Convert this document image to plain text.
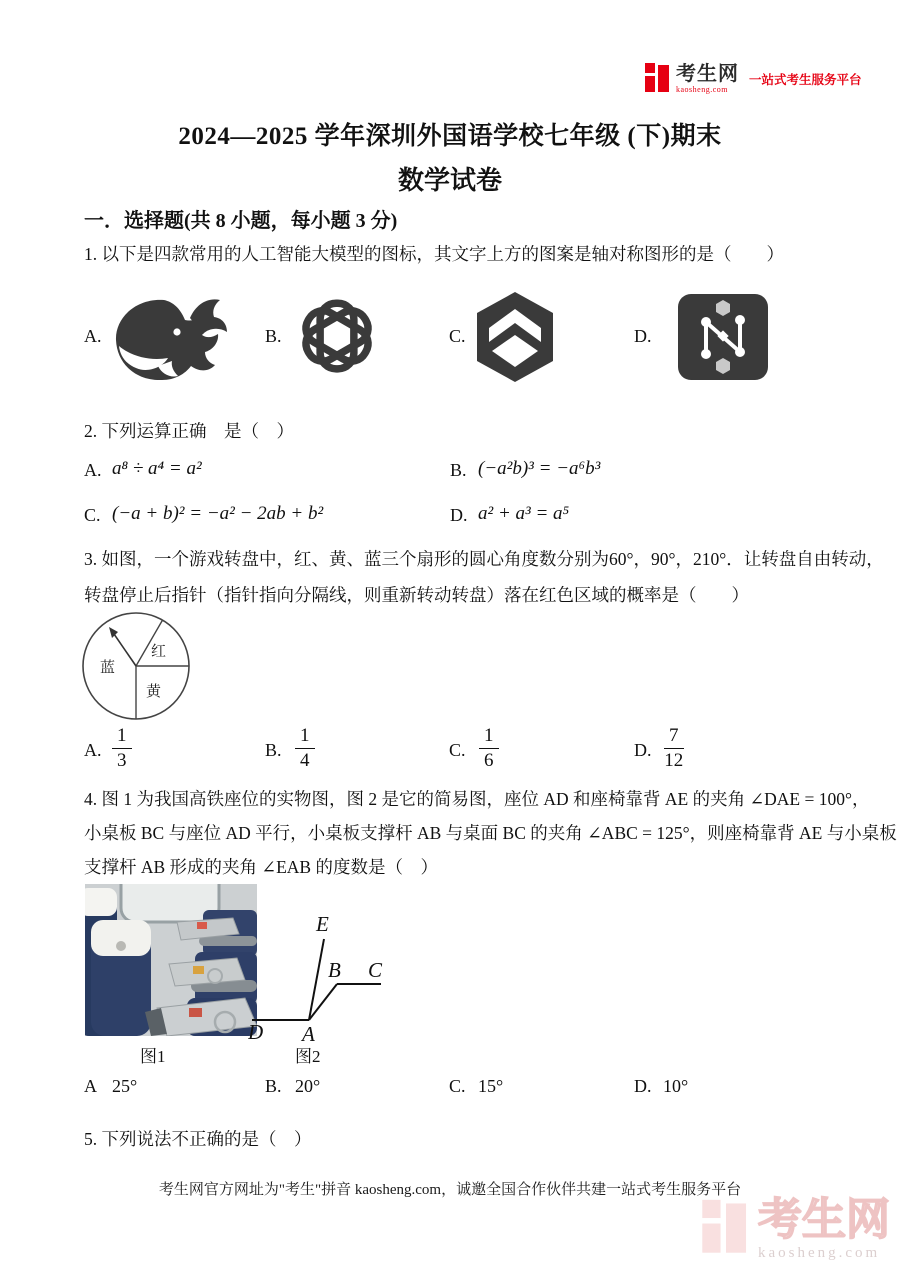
考生网
kaosheng.com
一站式考生服务平台
2024—2025 学年深圳外国语学校七年级 (下)期末
数学试卷
一．选择题(共 8 小题，每小题 3 分)
1. 以下是四款常用的人工智能大模型的图标，其文字上方的图案是轴对称图形的是（　　）
A.	B.	C.	D.
2. 下列运算正确　是（　）
A. a⁸ ÷ a⁴ = a²	B. (−a²b)³ = −a⁶b³
C. (−a + b)² = −a² − 2ab + b²	D. a² + a³ = a⁵
3. 如图，一个游戏转盘中，红、黄、蓝三个扇形的圆心角度数分别为60°，90°，210°．让转盘自由转动，
转盘停止后指针（指针指向分隔线，则重新转动转盘）落在红色区域的概率是（　　）
红
黄
蓝
A. $\frac{1}{3}$	B. $\frac{1}{4}$	C. $\frac{1}{6}$	D. $\frac{7}{12}$
4. 图 1 为我国高铁座位的实物图，图 2 是它的简易图，座位 AD 和座椅靠背 AE 的夹角 ∠DAE = 100°，
小桌板 BC 与座位 AD 平行，小桌板支撑杆 AB 与桌面 BC 的夹角 ∠ABC = 125°，则座椅靠背 AE 与小桌板
支撑杆 AB 形成的夹角 ∠EAB 的度数是（　）
图1
D A
E
B C
图2
A 25°	B. 20°	C. 15°	D. 10°
5. 下列说法不正确的是（　）
考生网官方网址为"考生"拼音 kaosheng.com，诚邀全国合作伙伴共建一站式考生服务平台
考生网
kaosheng.com
